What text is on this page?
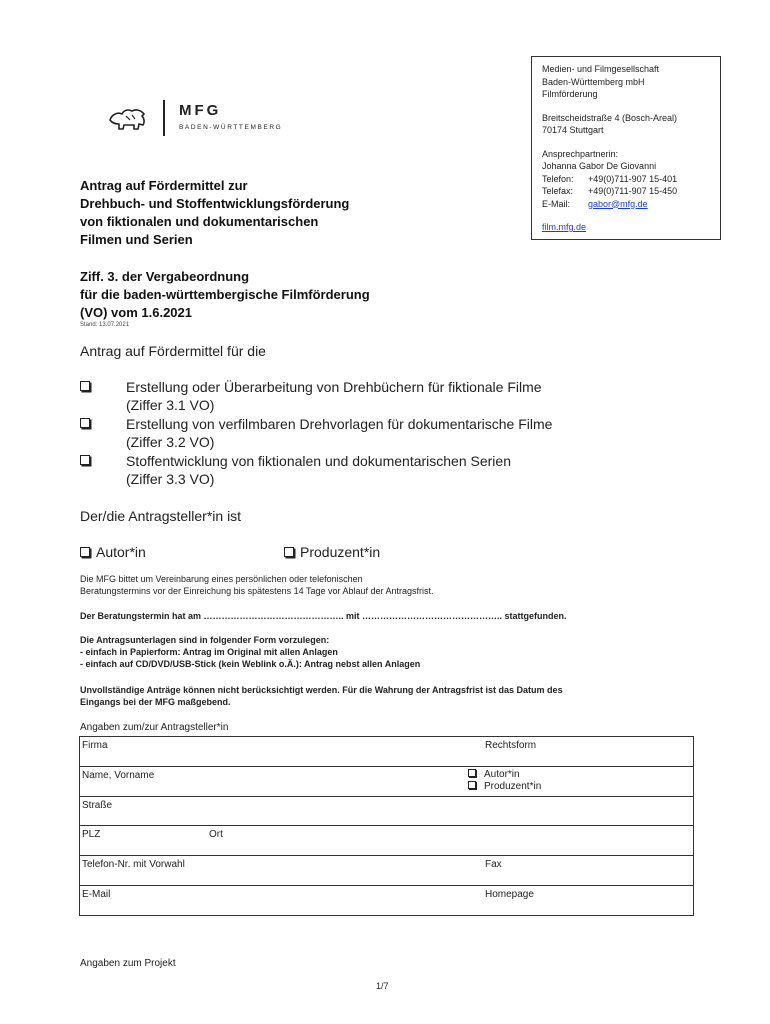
MFG
BADEN-WÜRTTEMBERG
Medien- und Filmgesellschaft
Baden-Württemberg mbH
Filmförderung
Breitscheidstraße 4 (Bosch-Areal)
70174 Stuttgart
Ansprechpartnerin:
Johanna Gabor De Giovanni
Telefon: +49(0)711-907 15-401
Telefax: +49(0)711-907 15-450
E-Mail: gabor@mfg.de
film.mfg.de
Antrag auf Fördermittel zur
Drehbuch- und Stoffentwicklungsförderung
von fiktionalen und dokumentarischen
Filmen und Serien
Ziff. 3. der Vergabeordnung
für die baden-württembergische Filmförderung
(VO) vom 1.6.2021
Stand: 13.07.2021
Antrag auf Fördermittel für die
Erstellung oder Überarbeitung von Drehbüchern für fiktionale Filme
(Ziffer 3.1 VO)
Erstellung von verfilmbaren Drehvorlagen für dokumentarische Filme
(Ziffer 3.2 VO)
Stoffentwicklung von fiktionalen und dokumentarischen Serien
(Ziffer 3.3 VO)
Der/die Antragsteller*in ist
Autor*in	Produzent*in
Die MFG bittet um Vereinbarung eines persönlichen oder telefonischen
Beratungstermins vor der Einreichung bis spätestens 14 Tage vor Ablauf der Antragsfrist.
Der Beratungstermin hat am ……………………………………….. mit ……………………………………….. stattgefunden.
Die Antragsunterlagen sind in folgender Form vorzulegen:
- einfach in Papierform: Antrag im Original mit allen Anlagen
- einfach auf CD/DVD/USB-Stick (kein Weblink o.Ä.): Antrag nebst allen Anlagen
Unvollständige Anträge können nicht berücksichtigt werden. Für die Wahrung der Antragsfrist ist das Datum des
Eingangs bei der MFG maßgebend.
Angaben zum/zur Antragsteller*in
Firma	Rechtsform
Name, Vorname	Autor*in
Produzent*in
Straße
PLZ	Ort
Telefon-Nr. mit Vorwahl	Fax
E-Mail	Homepage
Angaben zum Projekt
1/7
